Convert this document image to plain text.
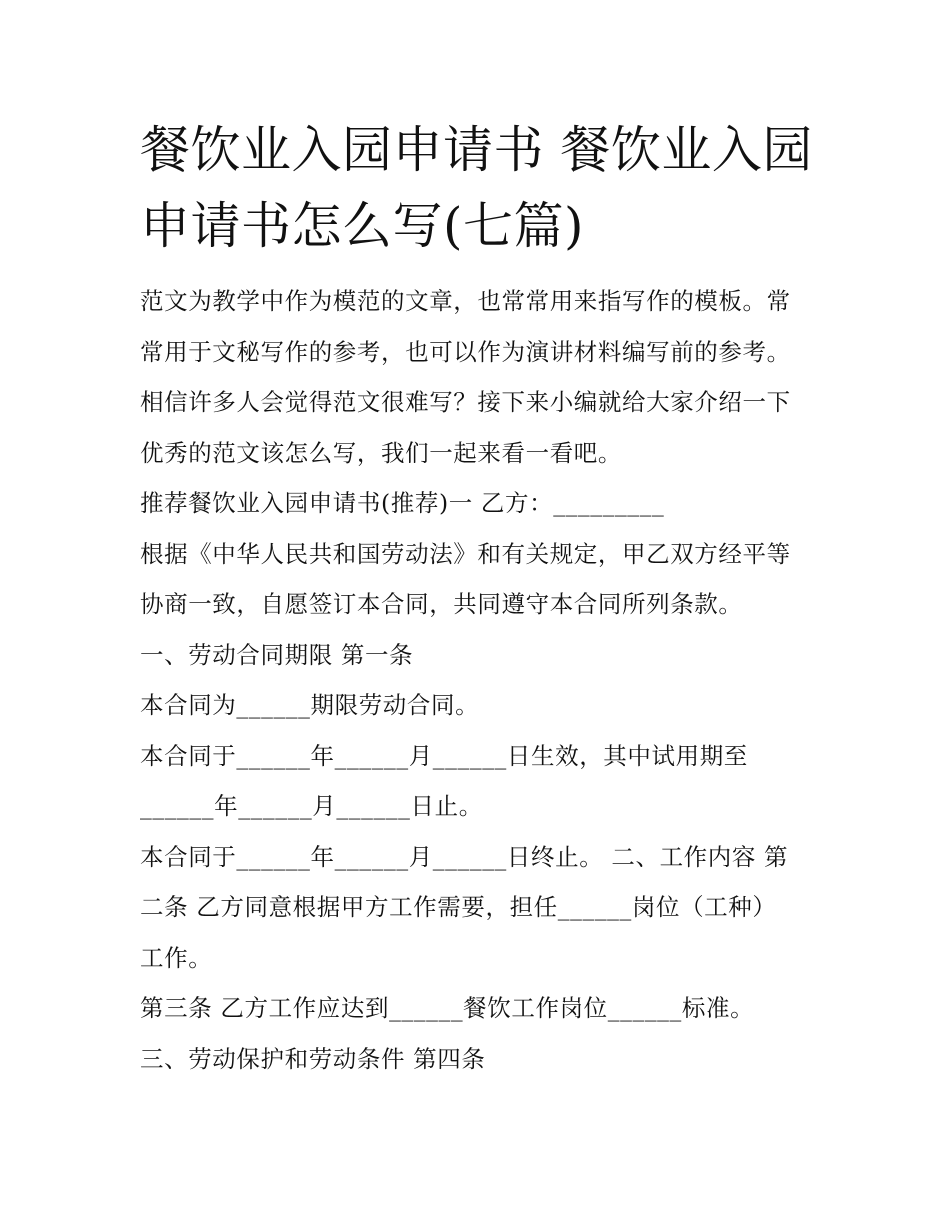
餐饮业入园申请书 餐饮业入园
申请书怎么写(七篇)

范文为教学中作为模范的文章，也常常用来指写作的模板。常

常用于文秘写作的参考，也可以作为演讲材料编写前的参考。

相信许多人会觉得范文很难写？接下来小编就给大家介绍一下

优秀的范文该怎么写，我们一起来看一看吧。

推荐餐饮业入园申请书(推荐)一 乙方：_________

根据《中华人民共和国劳动法》和有关规定，甲乙双方经平等

协商一致，自愿签订本合同，共同遵守本合同所列条款。

一、劳动合同期限 第一条

本合同为______期限劳动合同。

本合同于______年______月______日生效，其中试用期至

______年______月______日止。

本合同于______年______月______日终止。 二、工作内容 第

二条 乙方同意根据甲方工作需要，担任______岗位（工种）

工作。

第三条 乙方工作应达到______餐饮工作岗位______标准。

三、劳动保护和劳动条件 第四条
